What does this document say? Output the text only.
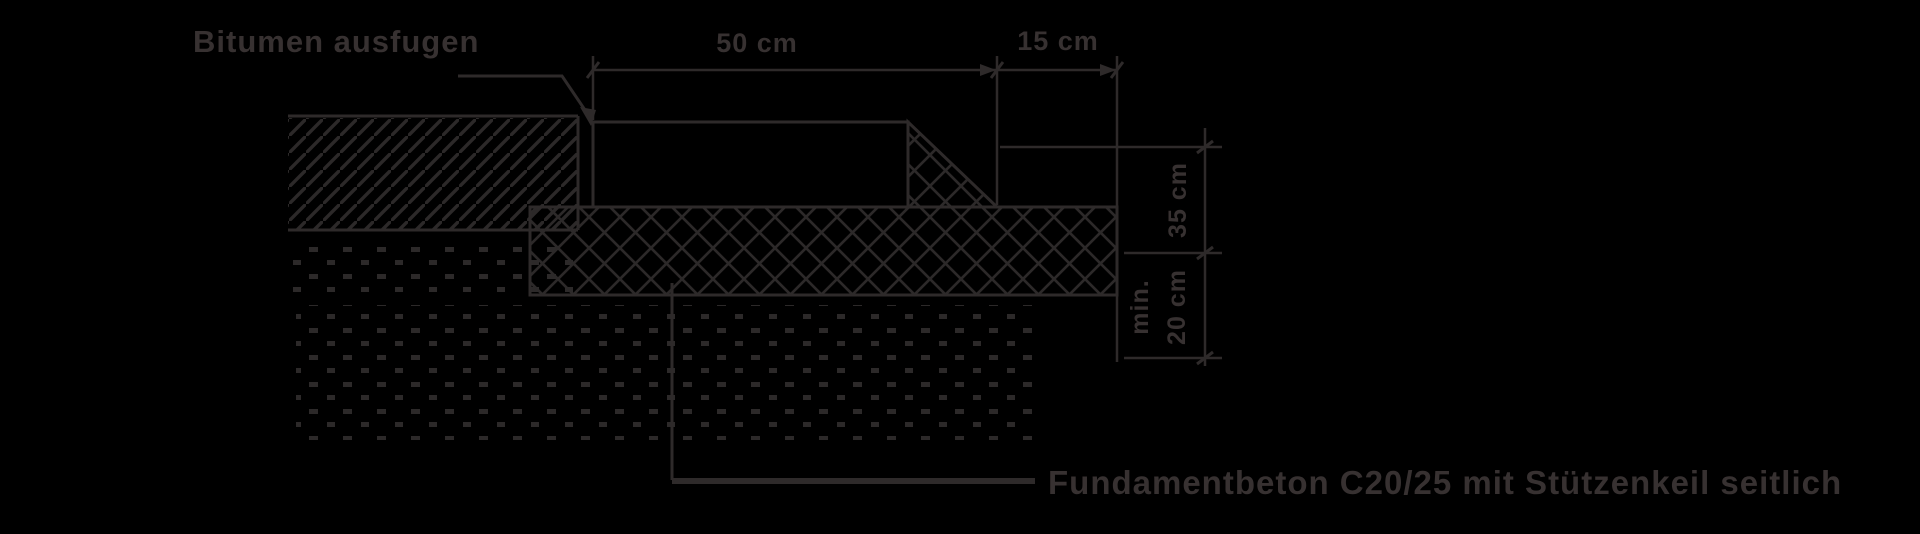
Bitumen ausfugen	50 cm	15 cm
35 cm
min. 20 cm
Fundamentbeton C20/25 mit Stützenkeil seitlich
